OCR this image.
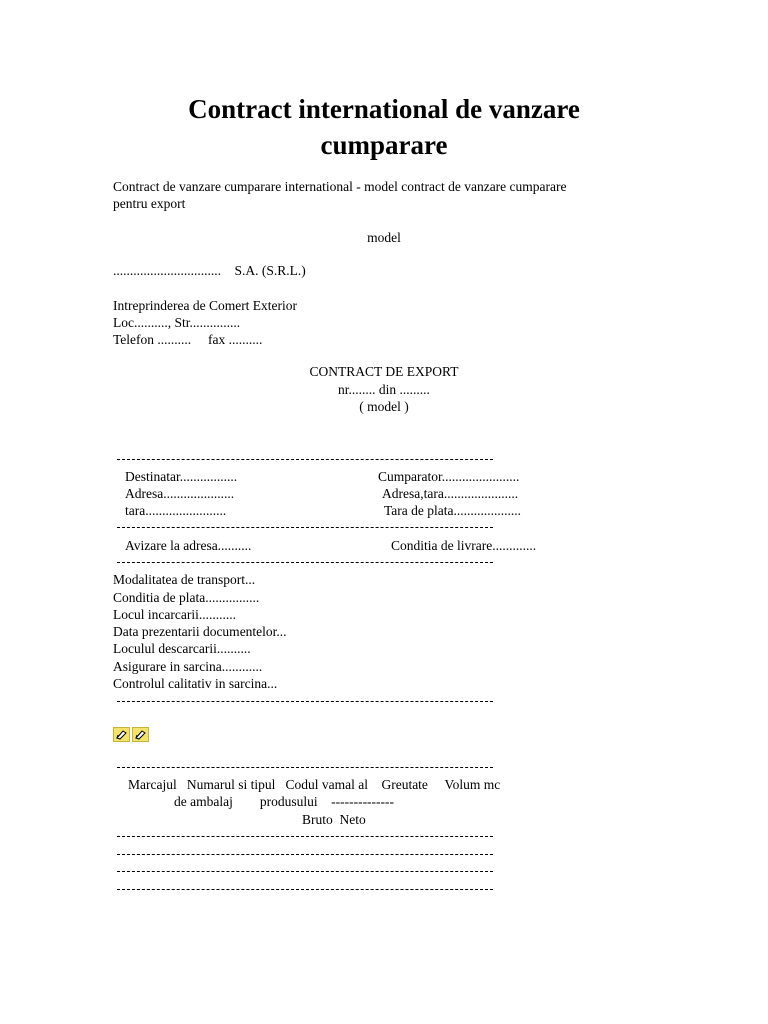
Contract international de vanzare
cumparare
Contract de vanzare cumparare international - model contract de vanzare cumparare
pentru export
model
................................    S.A. (S.R.L.)
Intreprinderea de Comert Exterior
Loc.........., Str...............
Telefon ..........     fax ..........
CONTRACT DE EXPORT
nr........ din .........
( model )
Destinatar.................	Cumparator.......................
Adresa.....................	Adresa,tara......................
tara........................	Tara de plata....................
Avizare la adresa..........	Conditia de livrare.............
Modalitatea de transport...
Conditia de plata................
Locul incarcarii...........
Data prezentarii documentelor...
Loculul descarcarii..........
Asigurare in sarcina............
Controlul calitativ in sarcina...
Marcajul   Numarul si tipul   Codul vamal al    Greutate     Volum mc
de ambalaj        produsului    --------------
Bruto  Neto
